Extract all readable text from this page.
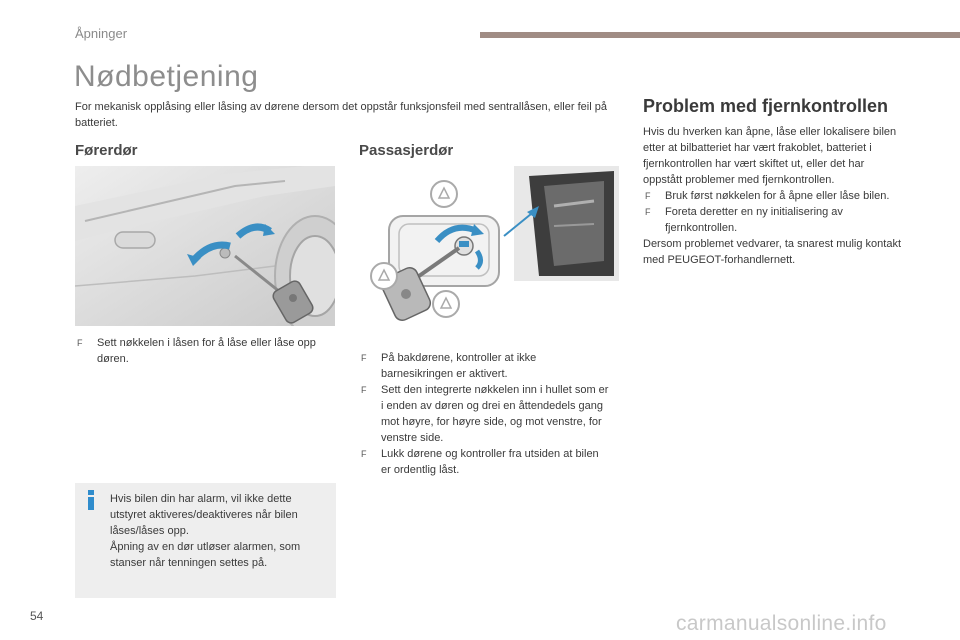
Åpninger
Nødbetjening
For mekanisk opplåsing eller låsing av dørene dersom det oppstår funksjonsfeil med sentrallåsen, eller feil på batteriet.
Førerdør	Passasjerdør
Problem med fjernkontrollen
F Sett nøkkelen i låsen for å låse eller låse opp døren.	F På bakdørene, kontroller at ikke barnesikringen er aktivert.
F Sett den integrerte nøkkelen inn i hullet som er i enden av døren og drei en åttendedels gang mot høyre, for høyre side, og mot venstre, for venstre side.
F Lukk dørene og kontroller fra utsiden at bilen er ordentlig låst.
Hvis du hverken kan åpne, låse eller lokalisere bilen etter at bilbatteriet har vært frakoblet, batteriet i fjernkontrollen har vært skiftet ut, eller det har oppstått problemer med fjernkontrollen.
F Bruk først nøkkelen for å åpne eller låse bilen.
F Foreta deretter en ny initialisering av fjernkontrollen.
Dersom problemet vedvarer, ta snarest mulig kontakt med PEUGEOT-forhandlernett.
Hvis bilen din har alarm, vil ikke dette utstyret aktiveres/deaktiveres når bilen låses/låses opp.
Åpning av en dør utløser alarmen, som stanser når tenningen settes på.
54	carmanualsonline.info
